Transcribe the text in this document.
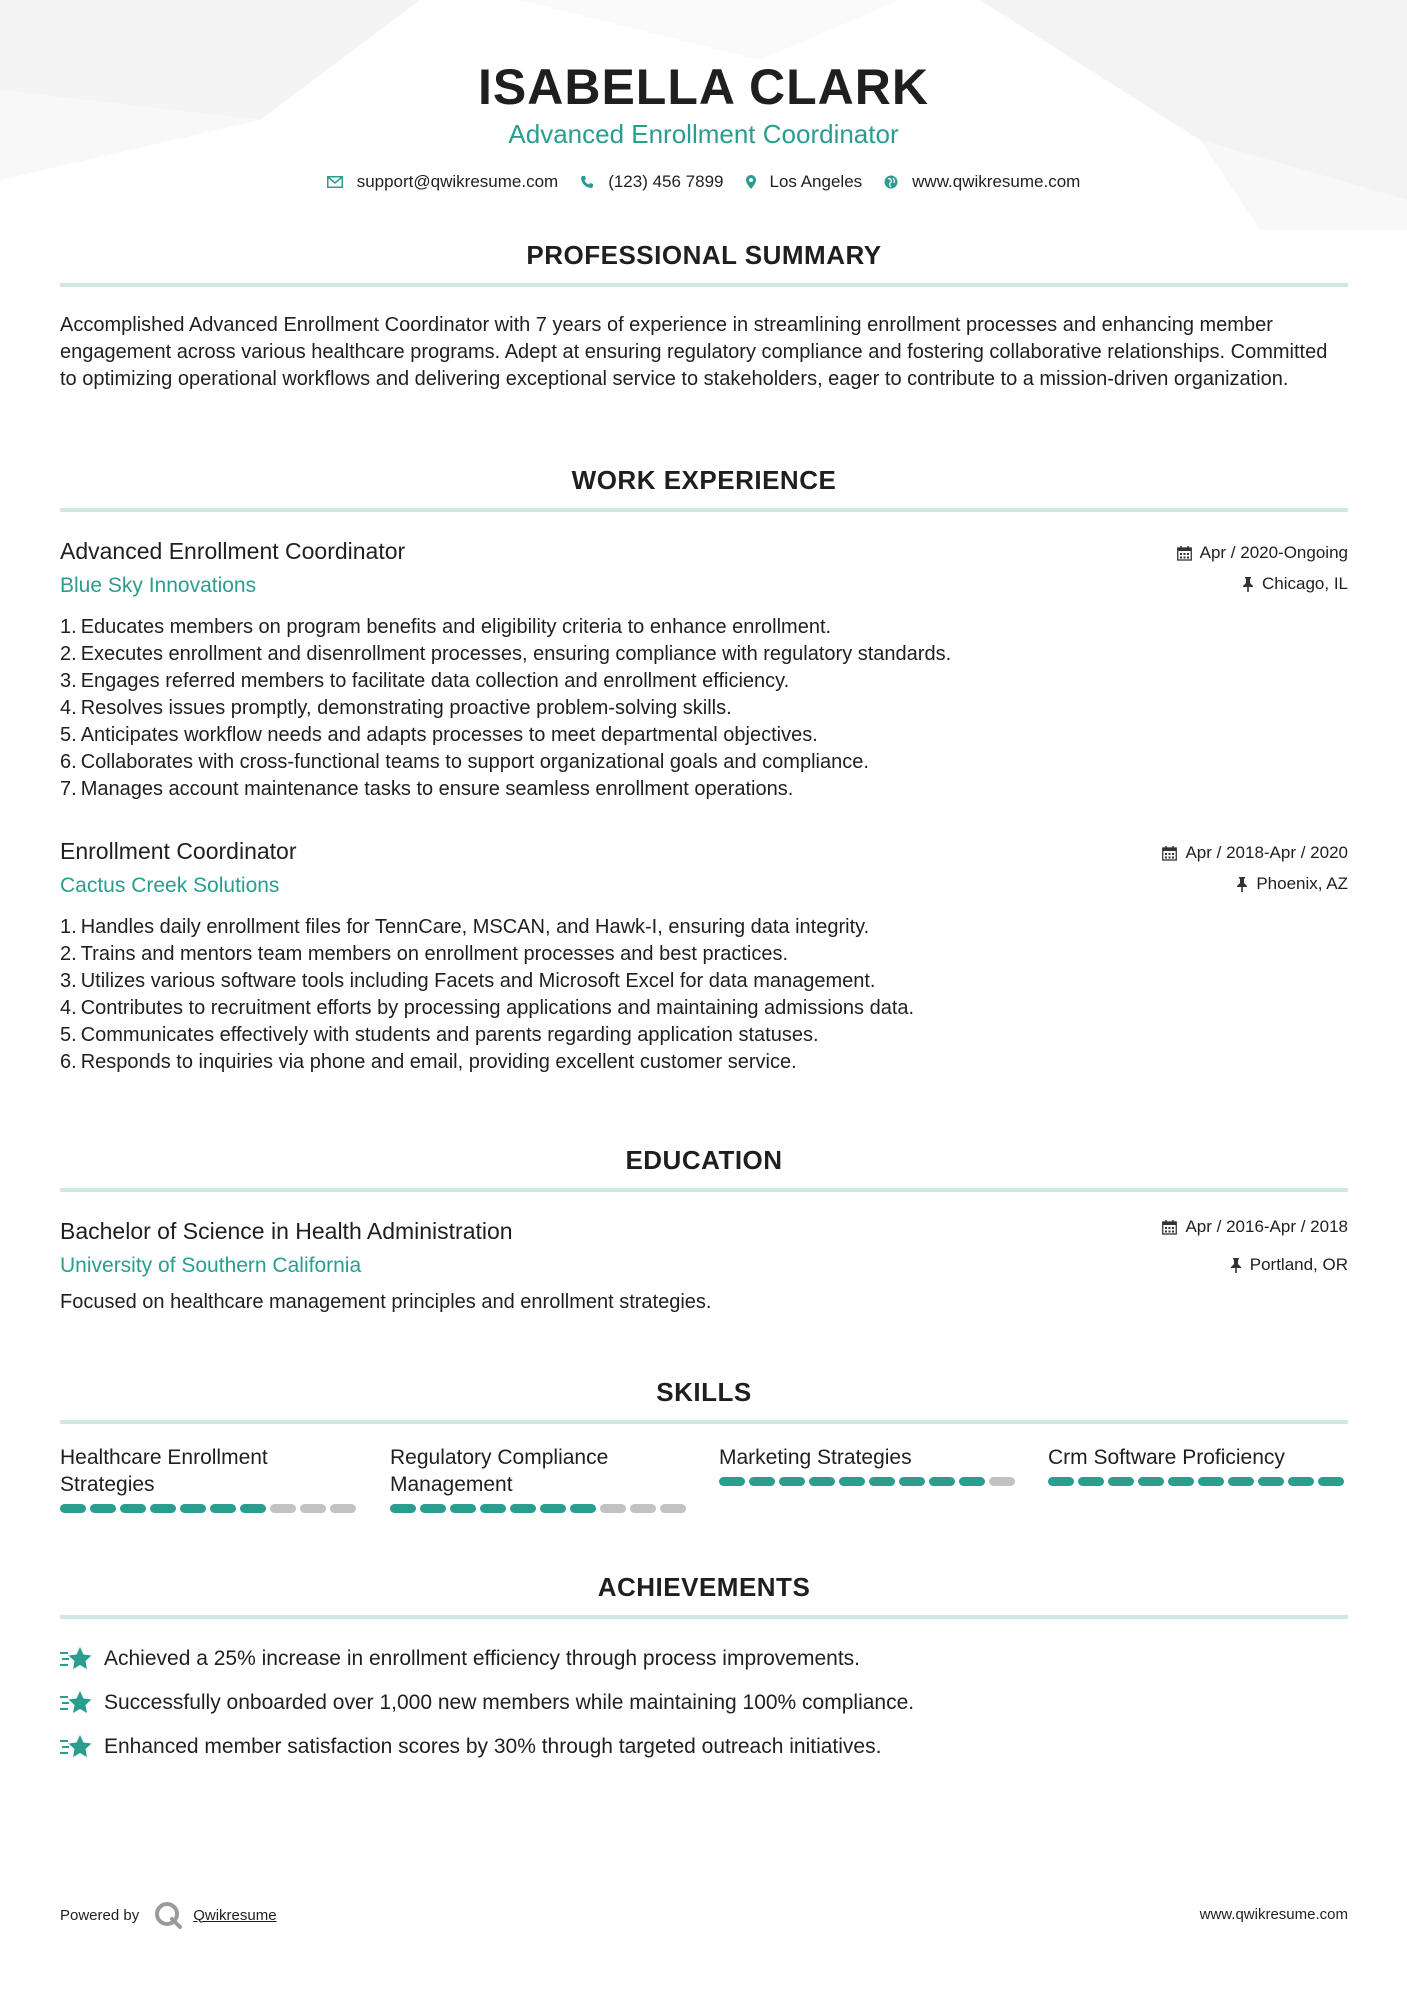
ISABELLA CLARK
Advanced Enrollment Coordinator
support@qwikresume.com	(123) 456 7899	Los Angeles	www.qwikresume.com
PROFESSIONAL SUMMARY
Accomplished Advanced Enrollment Coordinator with 7 years of experience in streamlining enrollment processes and enhancing member engagement across various healthcare programs. Adept at ensuring regulatory compliance and fostering collaborative relationships. Committed to optimizing operational workflows and delivering exceptional service to stakeholders, eager to contribute to a mission-driven organization.
WORK EXPERIENCE
Advanced Enrollment Coordinator
Blue Sky Innovations
Apr / 2020-Ongoing
Chicago, IL
1. Educates members on program benefits and eligibility criteria to enhance enrollment.
2. Executes enrollment and disenrollment processes, ensuring compliance with regulatory standards.
3. Engages referred members to facilitate data collection and enrollment efficiency.
4. Resolves issues promptly, demonstrating proactive problem-solving skills.
5. Anticipates workflow needs and adapts processes to meet departmental objectives.
6. Collaborates with cross-functional teams to support organizational goals and compliance.
7. Manages account maintenance tasks to ensure seamless enrollment operations.
Enrollment Coordinator
Cactus Creek Solutions
Apr / 2018-Apr / 2020
Phoenix, AZ
1. Handles daily enrollment files for TennCare, MSCAN, and Hawk-I, ensuring data integrity.
2. Trains and mentors team members on enrollment processes and best practices.
3. Utilizes various software tools including Facets and Microsoft Excel for data management.
4. Contributes to recruitment efforts by processing applications and maintaining admissions data.
5. Communicates effectively with students and parents regarding application statuses.
6. Responds to inquiries via phone and email, providing excellent customer service.
EDUCATION
Bachelor of Science in Health Administration
University of Southern California
Apr / 2016-Apr / 2018
Portland, OR
Focused on healthcare management principles and enrollment strategies.
SKILLS
Healthcare Enrollment
Strategies
Regulatory Compliance
Management
Marketing Strategies	Crm Software Proficiency
ACHIEVEMENTS
Achieved a 25% increase in enrollment efficiency through process improvements.
Successfully onboarded over 1,000 new members while maintaining 100% compliance.
Enhanced member satisfaction scores by 30% through targeted outreach initiatives.
Powered by	Qwikresume	www.qwikresume.com
